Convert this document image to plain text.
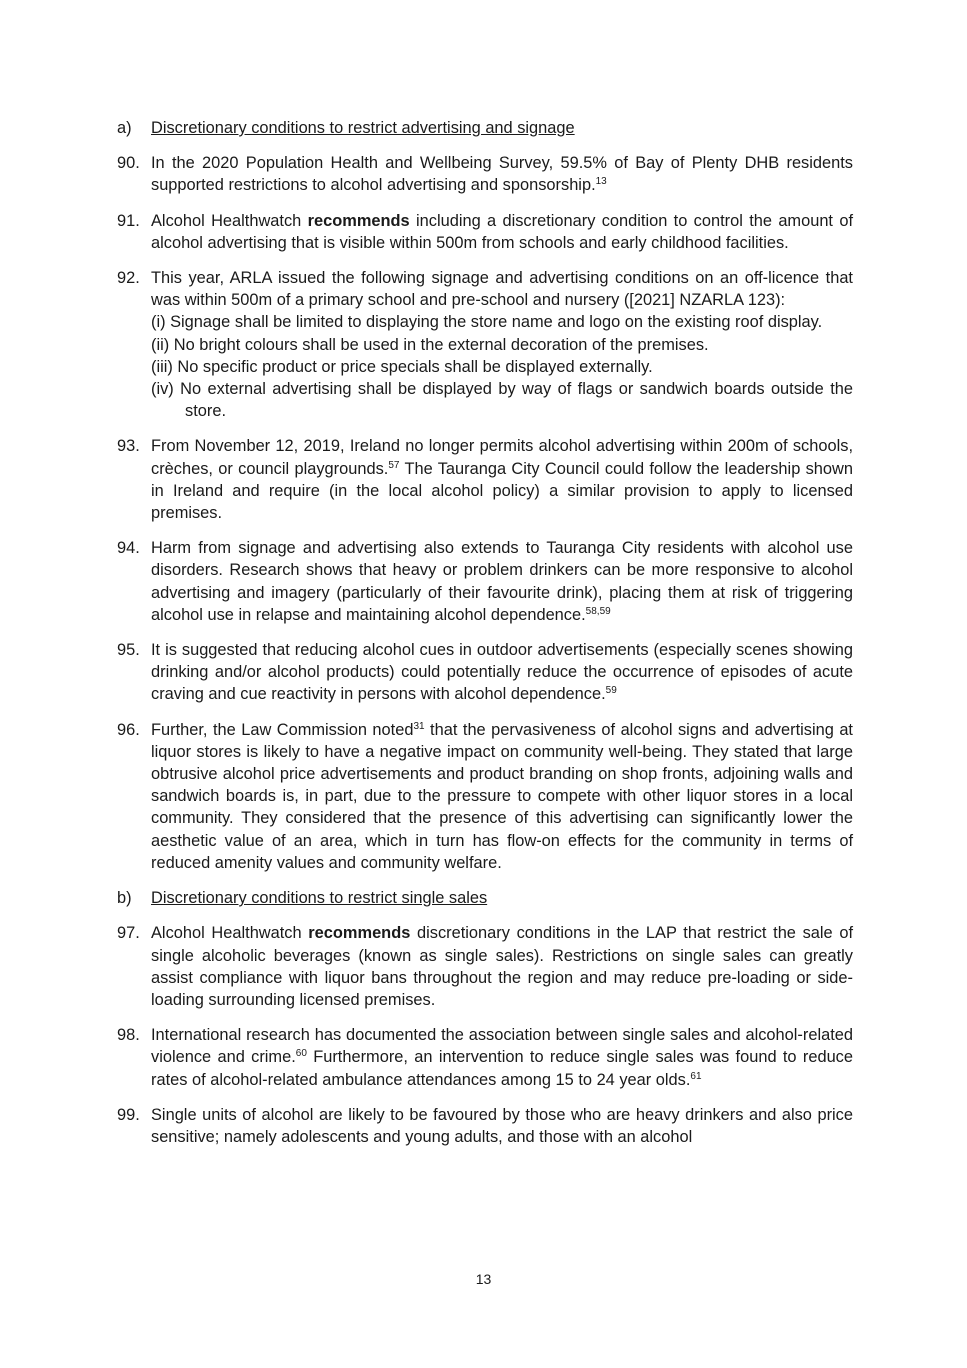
a) Discretionary conditions to restrict advertising and signage
90. In the 2020 Population Health and Wellbeing Survey, 59.5% of Bay of Plenty DHB residents supported restrictions to alcohol advertising and sponsorship.$^{13}$
91. Alcohol Healthwatch recommends including a discretionary condition to control the amount of alcohol advertising that is visible within 500m from schools and early childhood facilities.
92. This year, ARLA issued the following signage and advertising conditions on an off-licence that was within 500m of a primary school and pre-school and nursery ([2021] NZARLA 123):
(i) Signage shall be limited to displaying the store name and logo on the existing roof display.
(ii) No bright colours shall be used in the external decoration of the premises.
(iii) No specific product or price specials shall be displayed externally.
(iv) No external advertising shall be displayed by way of flags or sandwich boards outside the store.
93. From November 12, 2019, Ireland no longer permits alcohol advertising within 200m of schools, crèches, or council playgrounds.$^{57}$ The Tauranga City Council could follow the leadership shown in Ireland and require (in the local alcohol policy) a similar provision to apply to licensed premises.
94. Harm from signage and advertising also extends to Tauranga City residents with alcohol use disorders. Research shows that heavy or problem drinkers can be more responsive to alcohol advertising and imagery (particularly of their favourite drink), placing them at risk of triggering alcohol use in relapse and maintaining alcohol dependence.$^{58,59}$
95. It is suggested that reducing alcohol cues in outdoor advertisements (especially scenes showing drinking and/or alcohol products) could potentially reduce the occurrence of episodes of acute craving and cue reactivity in persons with alcohol dependence.$^{59}$
96. Further, the Law Commission noted$^{31}$ that the pervasiveness of alcohol signs and advertising at liquor stores is likely to have a negative impact on community well-being. They stated that large obtrusive alcohol price advertisements and product branding on shop fronts, adjoining walls and sandwich boards is, in part, due to the pressure to compete with other liquor stores in a local community. They considered that the presence of this advertising can significantly lower the aesthetic value of an area, which in turn has flow-on effects for the community in terms of reduced amenity values and community welfare.
b) Discretionary conditions to restrict single sales
97. Alcohol Healthwatch recommends discretionary conditions in the LAP that restrict the sale of single alcoholic beverages (known as single sales). Restrictions on single sales can greatly assist compliance with liquor bans throughout the region and may reduce pre-loading or side-loading surrounding licensed premises.
98. International research has documented the association between single sales and alcohol-related violence and crime.$^{60}$ Furthermore, an intervention to reduce single sales was found to reduce rates of alcohol-related ambulance attendances among 15 to 24 year olds.$^{61}$
99. Single units of alcohol are likely to be favoured by those who are heavy drinkers and also price sensitive; namely adolescents and young adults, and those with an alcohol
13
